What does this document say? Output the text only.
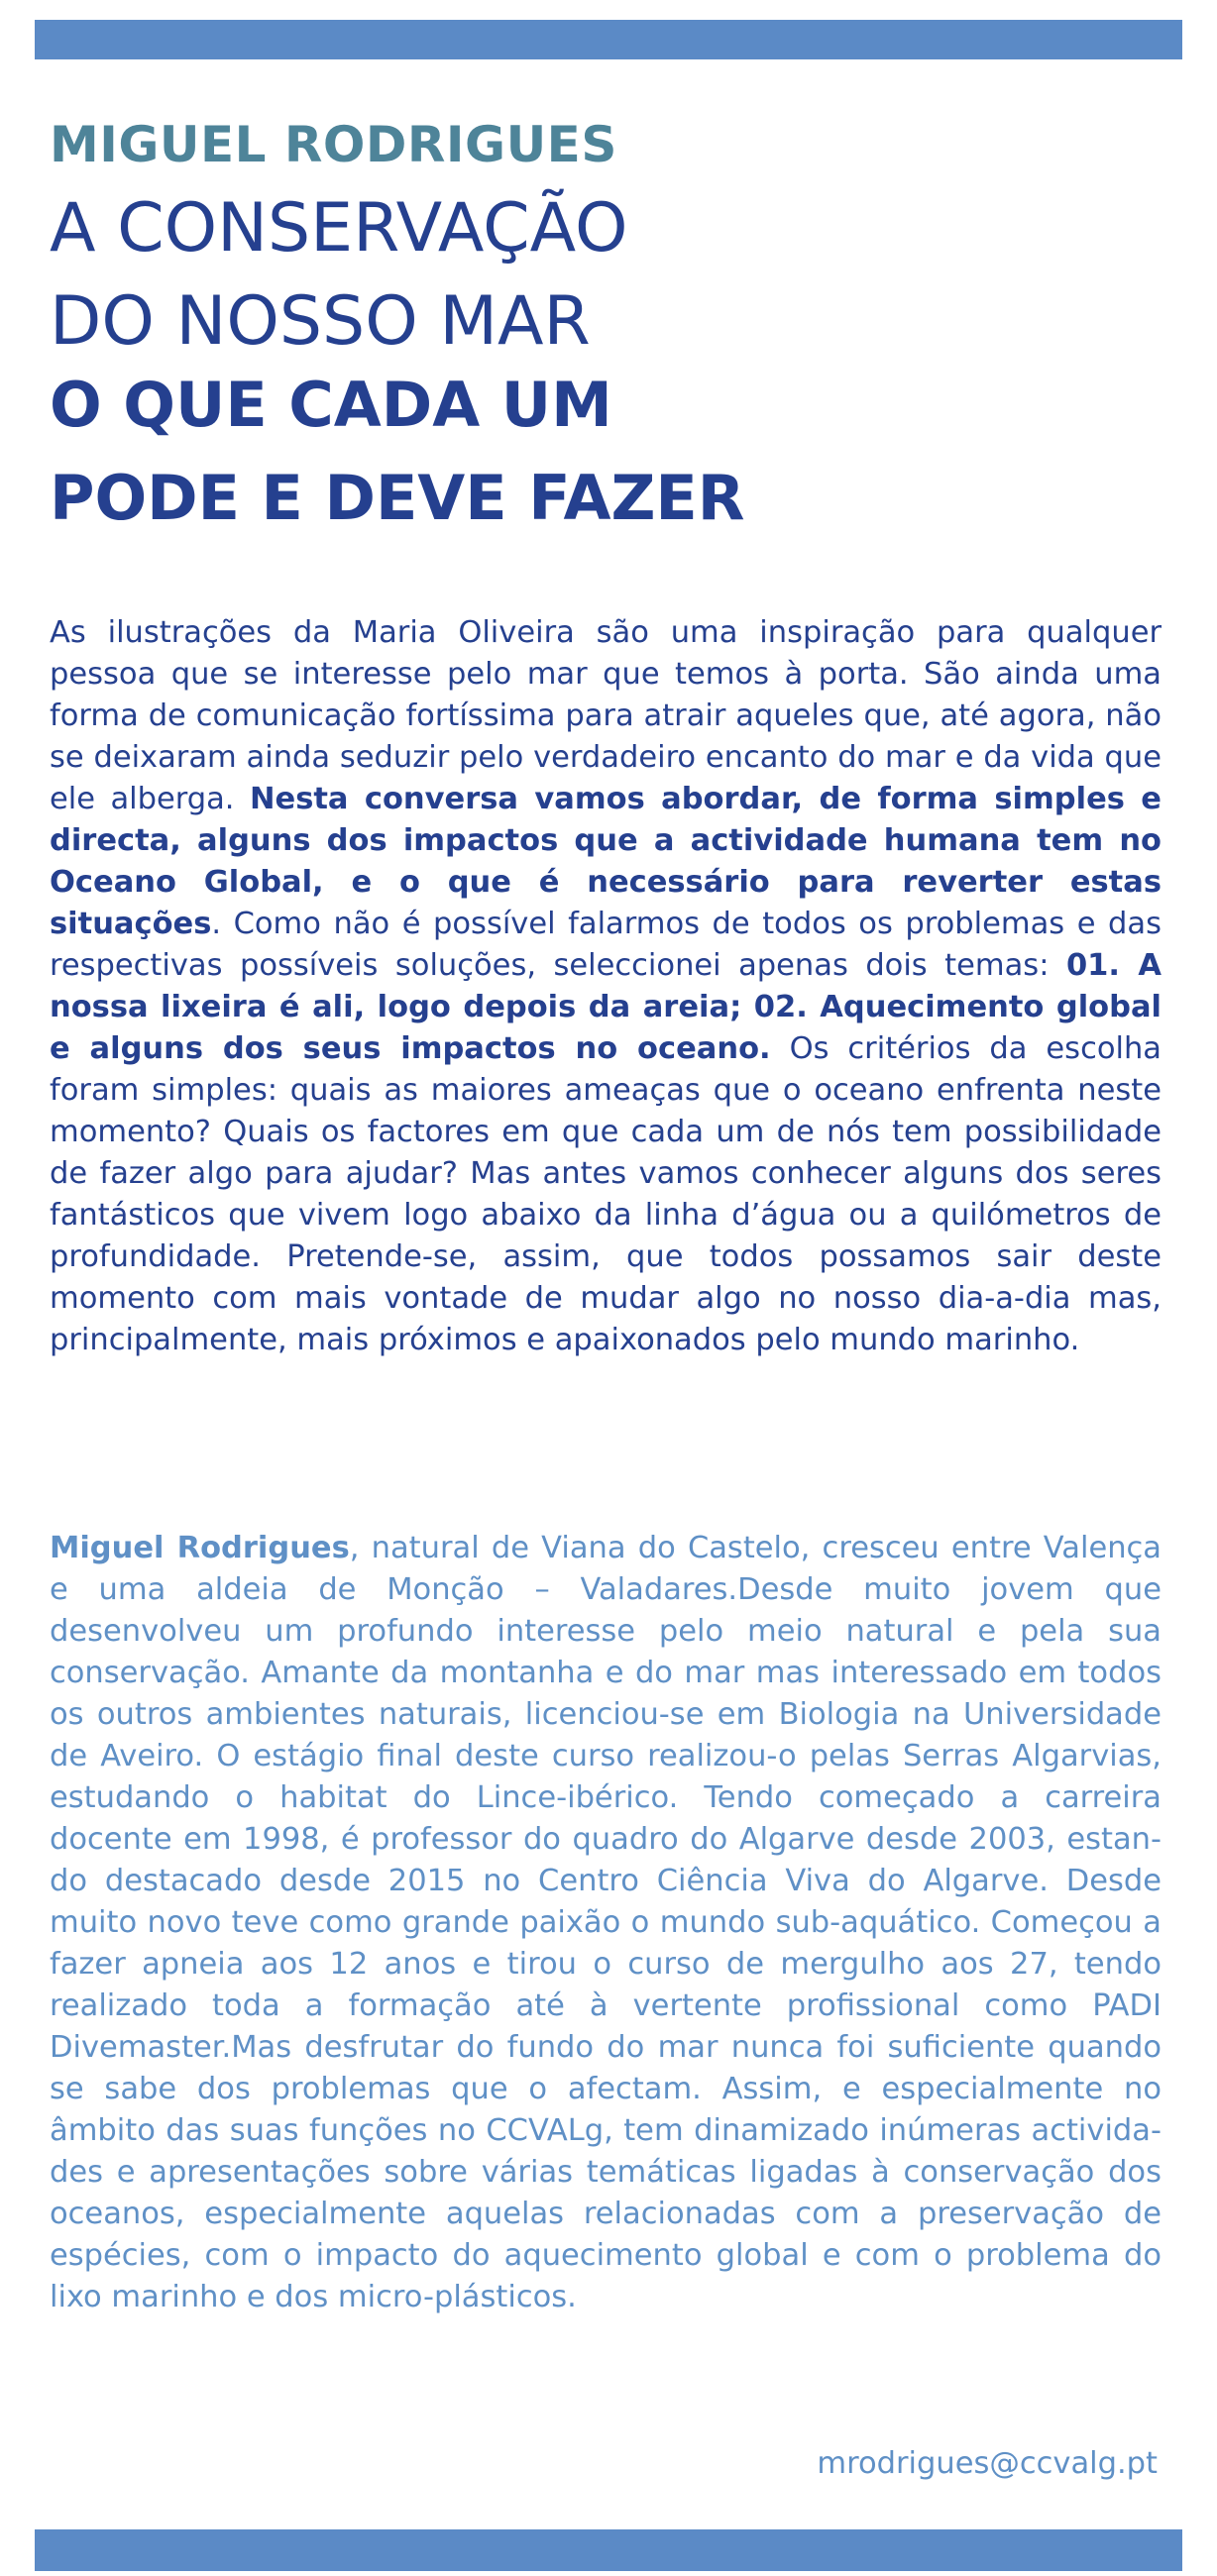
MIGUEL RODRIGUES
A CONSERVAÇÃO
DO NOSSO MAR
O QUE CADA UM
PODE E DEVE FAZER

As ilustrações da Maria Oliveira são uma inspiração para qualquer pessoa que se interesse pelo mar que temos à porta. São ainda uma forma de comunicação fortíssima para atrair aqueles que, até agora, não se deixaram ainda seduzir pelo verdadeiro encanto do mar e da vida que ele alberga. Nesta conversa vamos abordar, de forma simples e directa, alguns dos impactos que a actividade humana tem no Oceano Global, e o que é necessário para reverter estas situações. Como não é possível falarmos de todos os problemas e das respectivas possíveis soluções, seleccionei apenas dois temas: 01. A nossa lixeira é ali, logo depois da areia; 02. Aquecimento global e alguns dos seus impactos no oceano. Os critérios da escolha foram simples: quais as maiores ameaças que o oceano enfrenta neste momento? Quais os factores em que cada um de nós tem possibilidade de fazer algo para ajudar? Mas antes vamos conhecer alguns dos seres fantásticos que vivem logo abaixo da linha d’água ou a quilómetros de profundidade. Pretende-se, assim, que todos possamos sair deste momento com mais vontade de mudar algo no nosso dia-a-dia mas, principalmente, mais próximos e apaixonados pelo mundo marinho.

Miguel Rodrigues, natural de Viana do Castelo, cresceu entre Valença e uma aldeia de Monção – Valadares.Desde muito jovem que desenvolveu um profundo interesse pelo meio natural e pela sua conservação. Amante da montanha e do mar mas interessado em todos os outros ambientes naturais, licenciou-se em Biologia na Universidade de Aveiro. O estágio final deste curso realizou-o pelas Serras Algarvias, estudando o habitat do Lince-ibérico. Tendo começado a carreira docente em 1998, é professor do quadro do Algarve desde 2003, estando destacado desde 2015 no Centro Ciência Viva do Algarve. Desde muito novo teve como grande paixão o mundo sub-aquático. Começou a fazer apneia aos 12 anos e tirou o curso de mergulho aos 27, tendo realizado toda a formação até à vertente profissional como PADI Divemaster.Mas desfrutar do fundo do mar nunca foi suficiente quando se sabe dos problemas que o afectam. Assim, e especialmente no âmbito das suas funções no CCVALg, tem dinamizado inúmeras actividades e apresentações sobre várias temáticas ligadas à conservação dos oceanos, especialmente aquelas relacionadas com a preservação de espécies, com o impacto do aquecimento global e com o problema do lixo marinho e dos micro-plásticos.

mrodrigues@ccvalg.pt
